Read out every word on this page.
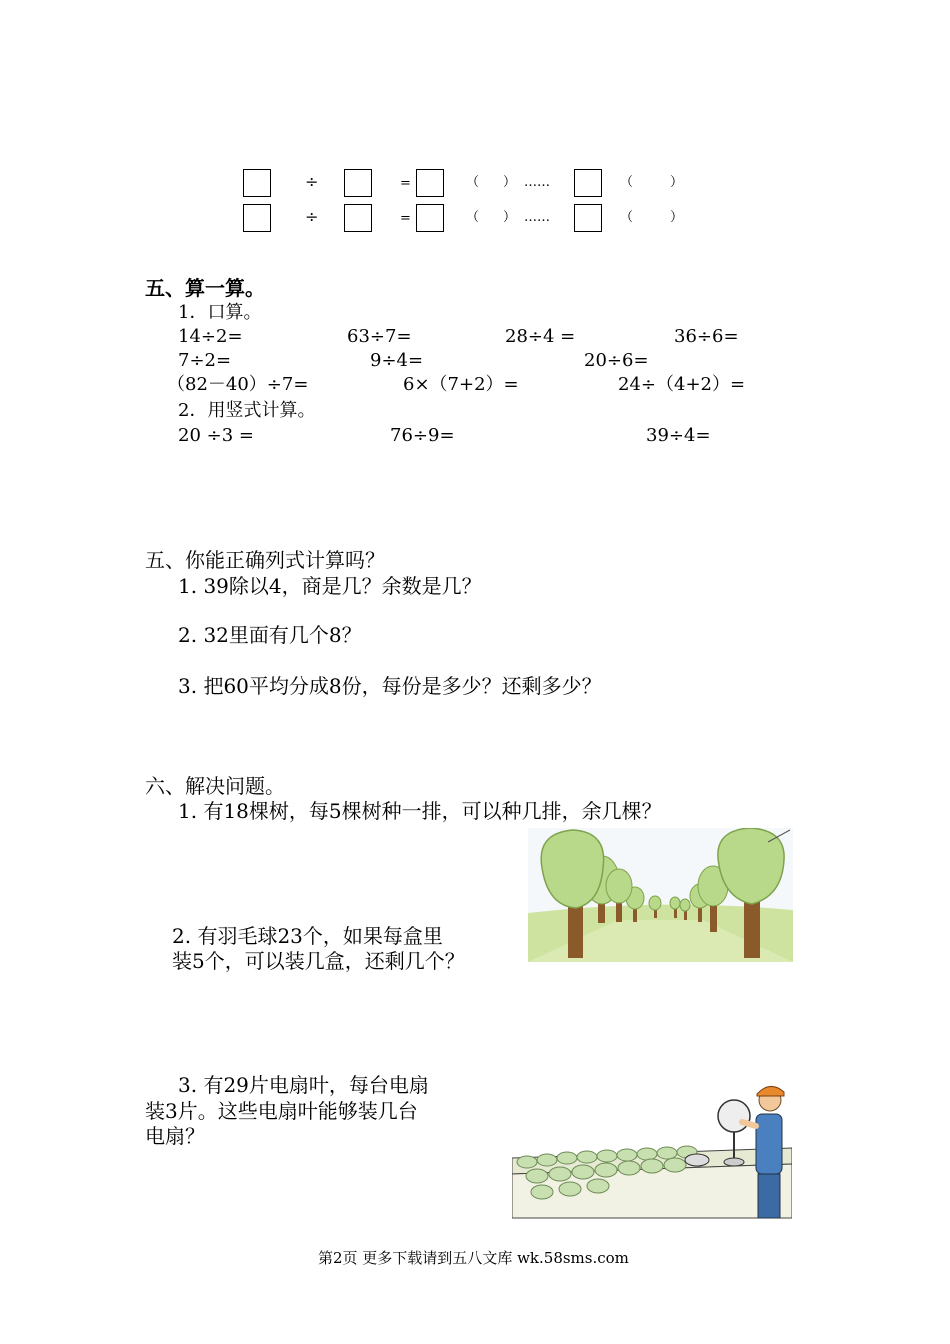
÷	=	（ ） ……	（	）
÷	=	（ ） ……	（	）
五、算一算。
1．口算。
14÷2=	63÷7=	28÷4 =	36÷6=
7÷2=	9÷4=	20÷6=
（82－40）÷7=	6×（7+2）=	24÷（4+2）=
2．用竖式计算。
20 ÷3 =	76÷9=	39÷4=
五、你能正确列式计算吗？
1. 39除以4，商是几？余数是几？
2. 32里面有几个8？
3. 把60平均分成8份，每份是多少？还剩多少？
六、解决问题。
1. 有18棵树，每5棵树种一排，可以种几排，余几棵？
2. 有羽毛球23个，如果每盒里
装5个，可以装几盒，还剩几个？
3. 有29片电扇叶，每台电扇
装3片。这些电扇叶能够装几台
电扇？
第2页 更多下载请到五八文库 wk.58sms.com
